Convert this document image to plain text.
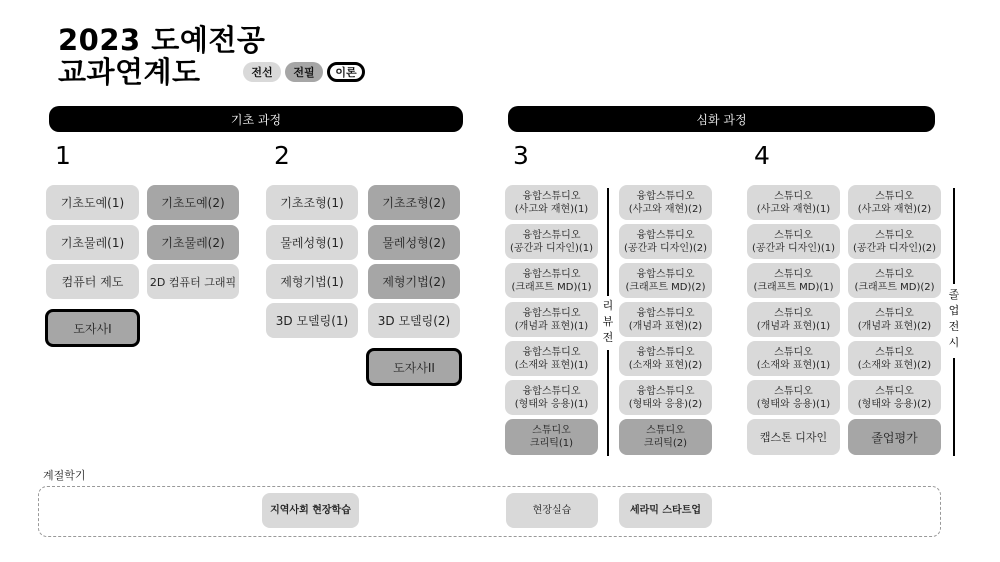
2023 도예전공
교과연계도	전선	전필	이론
기초 과정	심화 과정
1	2	3	4
기초도예(1)	기초도예(2)
기초물레(1)	기초물레(2)
컴퓨터 제도	2D 컴퓨터 그래픽
도자사I
기초조형(1)	기초조형(2)
물레성형(1)	물레성형(2)
제형기법(1)	제형기법(2)
3D 모델링(1)	3D 모델링(2)
도자사II
융합스튜디오
(사고와 재현)(1)
융합스튜디오
(공간과 디자인)(1)
융합스튜디오
(크래프트 MD)(1)
융합스튜디오
(개념과 표현)(1)
융합스튜디오
(소재와 표현)(1)
융합스튜디오
(형태와 응용)(1)
스튜디오
크리틱(1)
리
뷰
전
융합스튜디오
(사고와 재현)(2)
융합스튜디오
(공간과 디자인)(2)
융합스튜디오
(크래프트 MD)(2)
융합스튜디오
(개념과 표현)(2)
융합스튜디오
(소재와 표현)(2)
융합스튜디오
(형태와 응용)(2)
스튜디오
크리틱(2)
스튜디오
(사고와 재현)(1)
스튜디오
(공간과 디자인)(1)
스튜디오
(크래프트 MD)(1)
스튜디오
(개념과 표현)(1)
스튜디오
(소재와 표현)(1)
스튜디오
(형태와 응용)(1)
캡스톤 디자인
스튜디오
(사고와 재현)(2)
스튜디오
(공간과 디자인)(2)
스튜디오
(크래프트 MD)(2)
스튜디오
(개념과 표현)(2)
스튜디오
(소재와 표현)(2)
스튜디오
(형태와 응용)(2)
졸업평가
졸
업
전
시
계절학기
지역사회 현장학습	현장실습	세라믹 스타트업
